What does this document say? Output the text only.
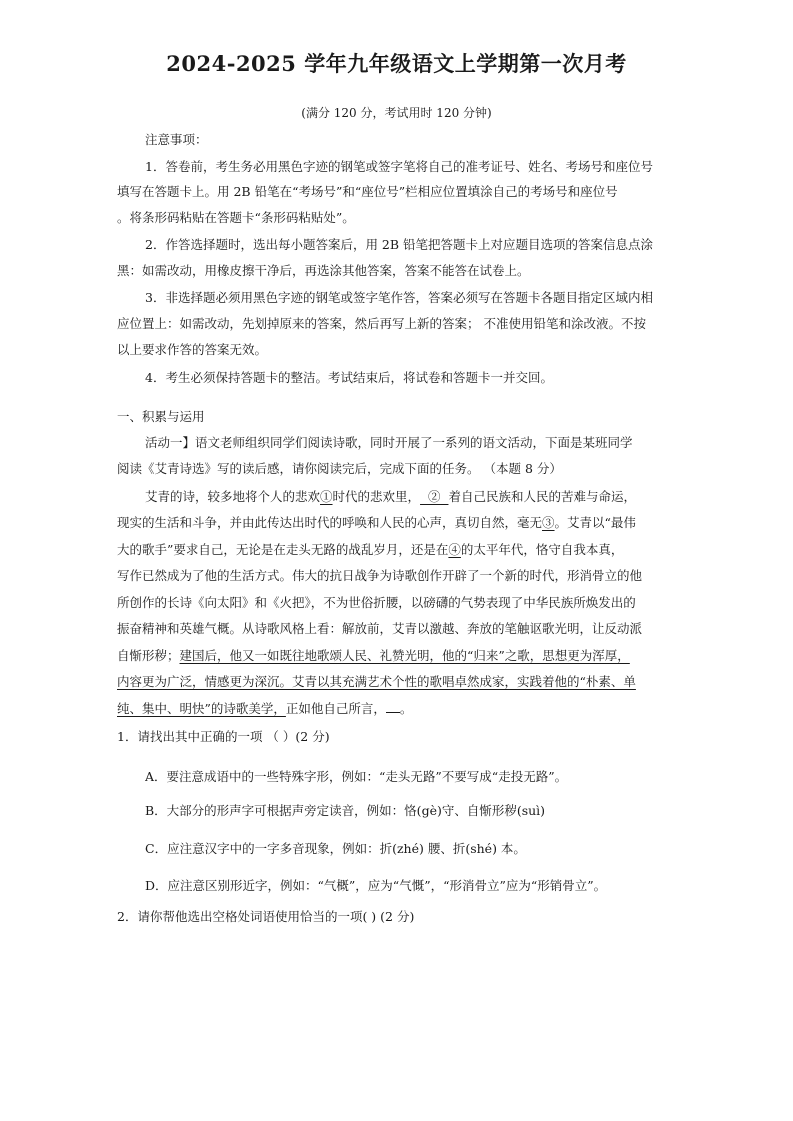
2024-2025 学年九年级语文上学期第一次月考
(满分 120 分，考试用时 120 分钟)
注意事项：
1．答卷前，考生务必用黑色字迹的钢笔或签字笔将自己的准考证号、姓名、考场号和座位号
填写在答题卡上。用 2B 铅笔在“考场号”和“座位号”栏相应位置填涂自己的考场号和座位号
。将条形码粘贴在答题卡“条形码粘贴处”。
2．作答选择题时，选出每小题答案后，用 2B 铅笔把答题卡上对应题目选项的答案信息点涂
黑：如需改动，用橡皮擦干净后，再选涂其他答案，答案不能答在试卷上。
3．非选择题必须用黑色字迹的钢笔或签字笔作答，答案必须写在答题卡各题目指定区域内相
应位置上：如需改动，先划掉原来的答案，然后再写上新的答案； 不准使用铅笔和涂改液。不按
以上要求作答的答案无效。
4．考生必须保持答题卡的整洁。考试结束后，将试卷和答题卡一并交回。
一、积累与运用
活动一】语文老师组织同学们阅读诗歌，同时开展了一系列的语文活动，下面是某班同学
阅读《艾青诗选》写的读后感，请你阅读完后，完成下面的任务。 （本题 8 分）
艾青的诗，较多地将个人的悲欢①时代的悲欢里， ② 着自己民族和人民的苦难与命运，
现实的生活和斗争，并由此传达出时代的呼唤和人民的心声，真切自然，毫无③。艾青以“最伟
大的歌手”要求自己，无论是在走头无路的战乱岁月，还是在④的太平年代，恪守自我本真，
写作已然成为了他的生活方式。伟大的抗日战争为诗歌创作开辟了一个新的时代，形消骨立的他
所创作的长诗《向太阳》和《火把》，不为世俗折腰，以磅礴的气势表现了中华民族所焕发出的
振奋精神和英雄气概。从诗歌风格上看：解放前，艾青以激越、奔放的笔触讴歌光明，让反动派
自惭形秽；建国后，他又一如既往地歌颂人民、礼赞光明，他的“归来”之歌，思想更为浑厚，
内容更为广泛，情感更为深沉。艾青以其充满艺术个性的歌唱卓然成家，实践着他的“朴素、单
纯、集中、明快”的诗歌美学，正如他自己所言， 。
1．请找出其中正确的一项 （ ）(2 分)
A．要注意成语中的一些特殊字形，例如：“走头无路”不要写成“走投无路”。
B．大部分的形声字可根据声旁定读音，例如：恪(gè)守、自惭形秽(suì)
C．应注意汉字中的一字多音现象，例如：折(zhé) 腰、折(shé) 本。
D．应注意区别形近字，例如：“气概”，应为“气慨”，“形消骨立”应为“形销骨立”。
2．请你帮他选出空格处词语使用恰当的一项( ) (2 分)
